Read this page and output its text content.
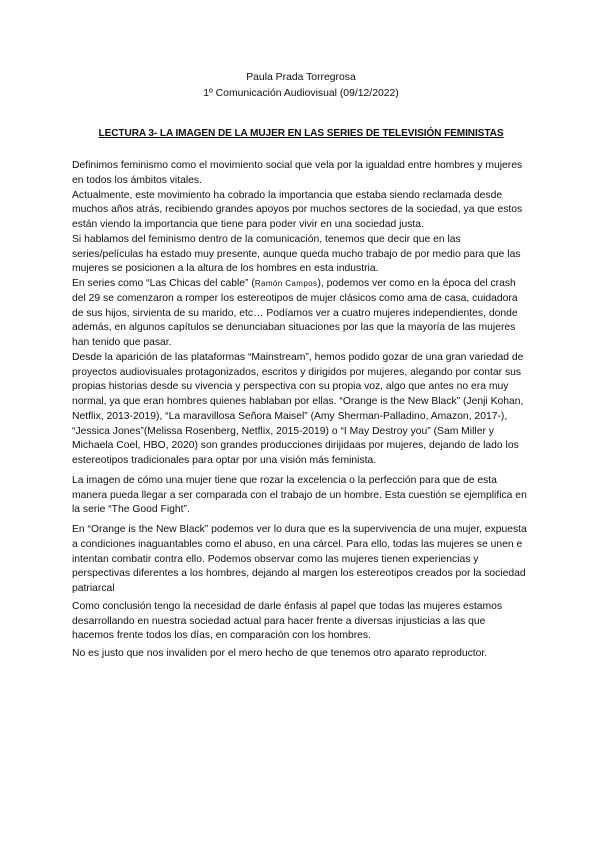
Paula Prada Torregrosa
1º Comunicación Audiovisual (09/12/2022)
LECTURA 3- LA IMAGEN DE LA MUJER EN LAS SERIES DE TELEVISIÓN FEMINISTAS

Definimos feminismo como el movimiento social que vela por la igualdad entre hombres y mujeres en todos los ámbitos vitales.

Actualmente, este movimiento ha cobrado la importancia que estaba siendo reclamada desde muchos años atrás, recibiendo grandes apoyos por muchos sectores de la sociedad, ya que estos están viendo la importancia que tiene para poder vivir en una sociedad justa.

Si hablamos del feminismo dentro de la comunicación, tenemos que decir que en las series/películas ha estado muy presente, aunque queda mucho trabajo de por medio para que las mujeres se posicionen a la altura de los hombres en esta industria.

En series como “Las Chicas del cable” (Ramón Campos), podemos ver como en la época del crash del 29 se comenzaron a romper los estereotipos de mujer clásicos como ama de casa, cuidadora de sus hijos, sirvienta de su marido, etc… Podíamos ver a cuatro mujeres independientes, donde además, en algunos capítulos se denunciaban situaciones por las que la mayoría de las mujeres han tenido que pasar.

Desde la aparición de las plataformas “Mainstream”, hemos podido gozar de una gran variedad de proyectos audiovisuales protagonizados, escritos y dirigidos por mujeres, alegando por contar sus propias historias desde su vivencia y perspectiva con su propia voz, algo que antes no era muy normal, ya que eran hombres quienes hablaban por ellas. “Orange is the New Black” (Jenji Kohan, Netflix, 2013-2019), “La maravillosa Señora Maisel” (Amy Sherman-Palladino, Amazon, 2017-), “Jessica Jones”(Melissa Rosenberg, Netflix, 2015-2019) o “I May Destroy you” (Sam Miller y Michaela Coel, HBO, 2020) son grandes producciones dirijidaas por mujeres, dejando de lado los estereotipos tradicionales para optar por una visión más feminista.

La imagen de cómo una mujer tiene que rozar la excelencia o la perfección para que de esta manera pueda llegar a ser comparada con el trabajo de un hombre. Esta cuestión se ejemplifica en la serie “The Good Fight”.

En “Orange is the New Black” podemos ver lo dura que es la supervivencia de una mujer, expuesta a condiciones inaguantables como el abuso, en una cárcel. Para ello, todas las mujeres se unen e intentan combatir contra ello. Podemos observar como las mujeres tienen experiencias y perspectivas diferentes a los hombres, dejando al margen los estereotipos creados por la sociedad patriarcal

Como conclusión tengo la necesidad de darle énfasis al papel que todas las mujeres estamos desarrollando en nuestra sociedad actual para hacer frente a diversas injusticias a las que hacemos frente todos los días, en comparación con los hombres.

No es justo que nos invaliden por el mero hecho de que tenemos otro aparato reproductor.
